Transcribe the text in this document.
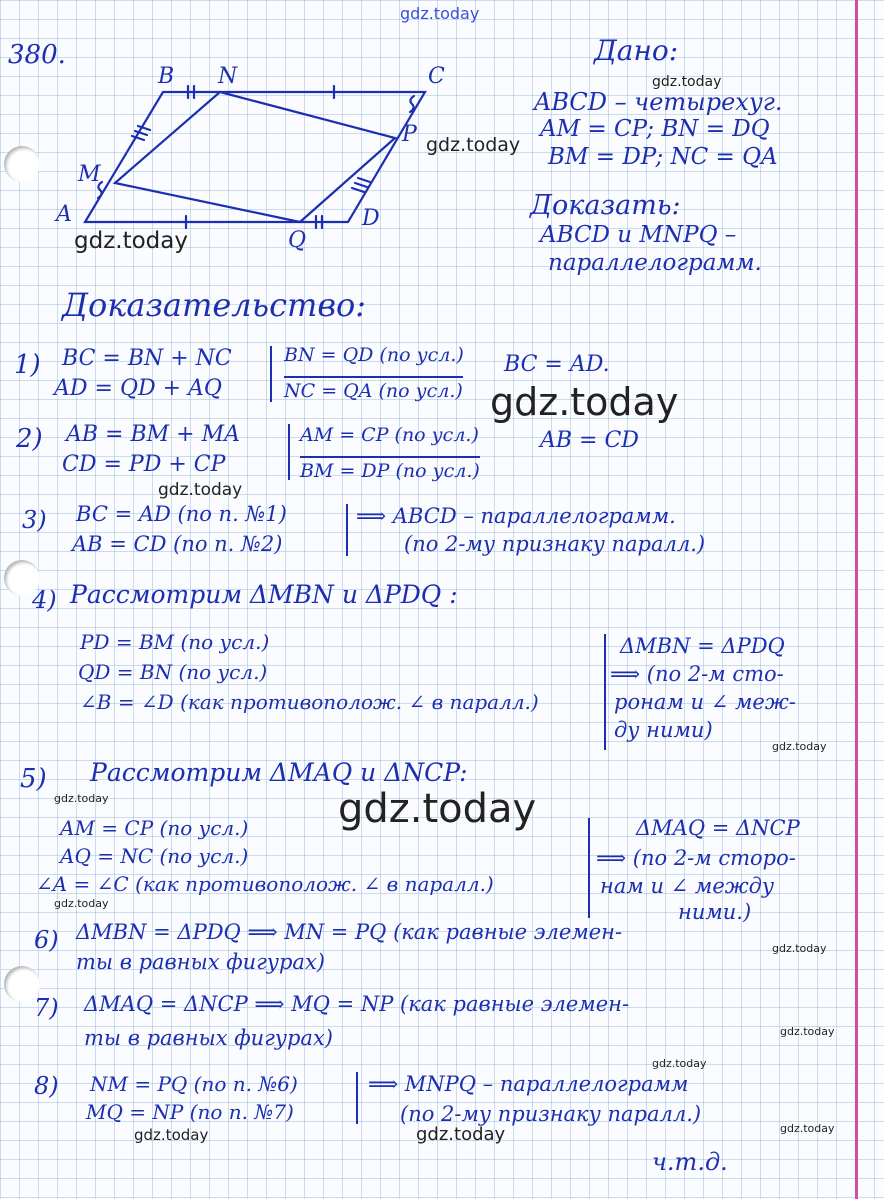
gdz.today
B N	C
P
M
A
Q
D
380.	Дано:
ABCD – четырехуг.
AM = CP; BN = DQ
BM = DP; NC = QA
Доказать:
ABCD и MNPQ –
параллелограмм.
Доказательство:
1) BC = BN + NC
AD = QD + AQ
BN = QD (по усл.)
NC = QA (по усл.)
BC = AD.
2) AB = BM + MA
CD = PD + CP
AM = CP (по усл.)
BM = DP (по усл.)
AB = CD
3) BC = AD (по п. №1)
AB = CD (по п. №2)
⟹ ABCD – параллелограмм.
(по 2-му признаку паралл.)
4) Рассмотрим ΔMBN и ΔPDQ :
PD = BM (по усл.)
QD = BN (по усл.)
∠B = ∠D (как противополож. ∠ в паралл.)
ΔMBN = ΔPDQ
⟹ (по 2-м сто-
ронам и ∠ меж-
ду ними)
5) Рассмотрим ΔMAQ и ΔNCP:
AM = CP (по усл.)
AQ = NC (по усл.)
∠A = ∠C (как противополож. ∠ в паралл.)
ΔMAQ = ΔNCP
⟹ (по 2-м сторо-
нам и ∠ между
ними.)
6) ΔMBN = ΔPDQ ⟹ MN = PQ (как равные элемен-
ты в равных фигурах)
7) ΔMAQ = ΔNCP ⟹ MQ = NP (как равные элемен-
ты в равных фигурах)
8) NM = PQ (по п. №6)
MQ = NP (по п. №7)
⟹ MNPQ – параллелограмм
(по 2-му признаку паралл.)
ч.т.д.
gdz.today
gdz.today
gdz.today
gdz.today
gdz.today
gdz.today
gdz.today	gdz.today
gdz.today
gdz.today
gdz.today
gdz.today
gdz.today	gdz.today	gdz.today
